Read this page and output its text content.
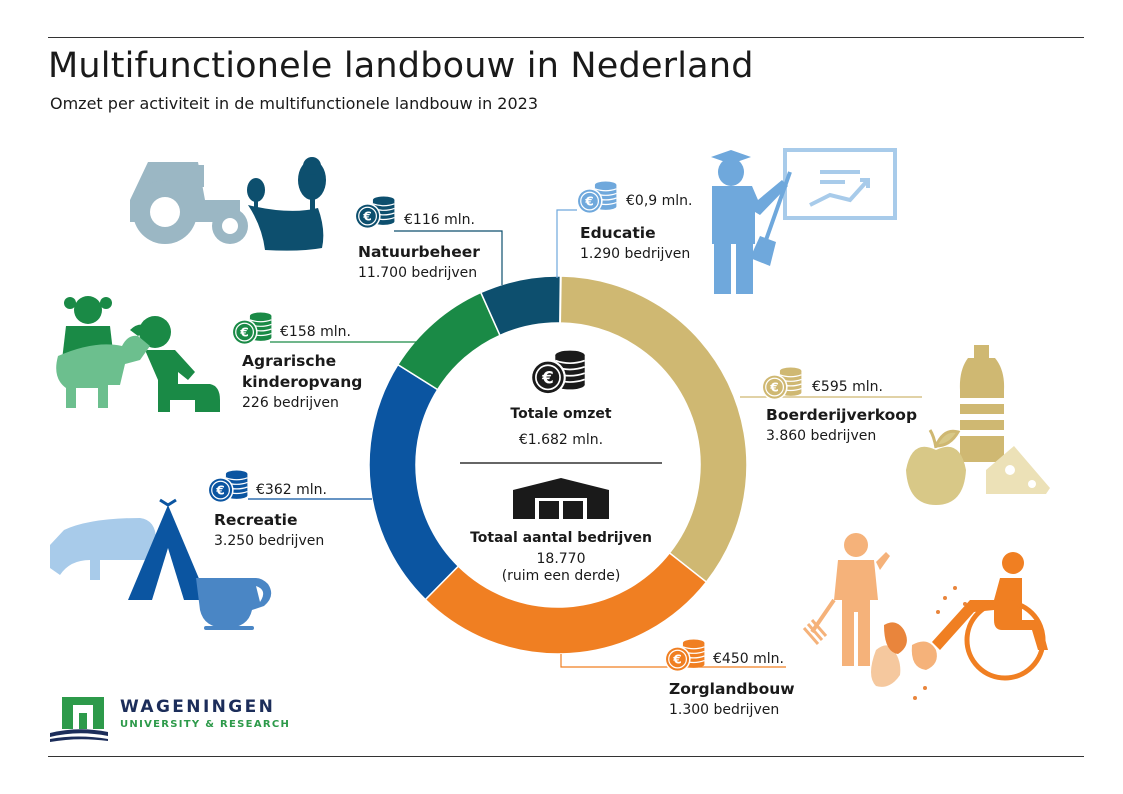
Multifunctionele landbouw in Nederland
Omzet per activiteit in de multifunctionele landbouw in 2023
€116 mln.
Natuurbeheer
11.700 bedrijven
€0,9 mln.
Educatie
1.290 bedrijven
€158 mln.
Agrarische kinderopvang
226 bedrijven
€595 mln.
Boerderijverkoop
3.860 bedrijven
€362 mln.
Recreatie
3.250 bedrijven
€450 mln.
Zorglandbouw
1.300 bedrijven
Totale omzet
€1.682 mln.
Totaal aantal bedrijven
18.770
(ruim een derde)
WAGENINGEN
UNIVERSITY & RESEARCH
